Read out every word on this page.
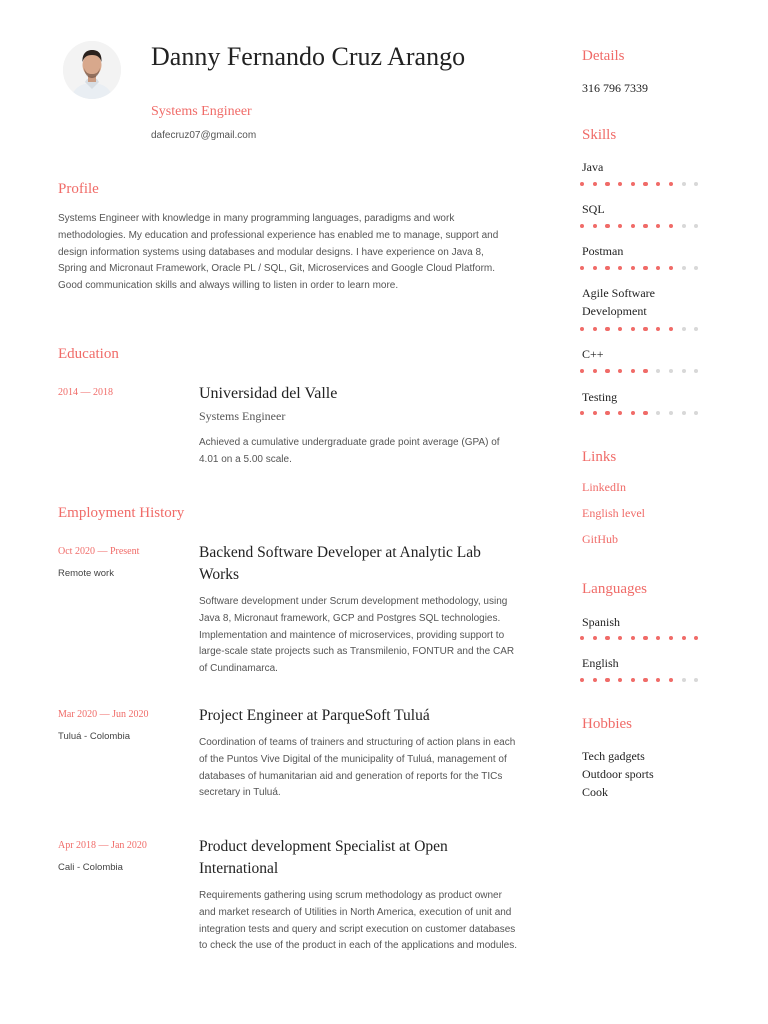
Danny Fernando Cruz Arango
Systems Engineer
dafecruz07@gmail.com
Profile
Systems Engineer with knowledge in many programming languages, paradigms and work methodologies. My education and professional experience has enabled me to manage, support and design information systems using databases and modular designs. I have experience on Java 8, Spring and Micronaut Framework, Oracle PL / SQL, Git, Microservices and Google Cloud Platform. Good communication skills and always willing to listen in order to learn more.
Education
2014 — 2018	Universidad del Valle
Systems Engineer
Achieved a cumulative undergraduate grade point average (GPA) of 4.01 on a 5.00 scale.
Employment History
Oct 2020 — Present
Remote work
Backend Software Developer at Analytic Lab Works
Software development under Scrum development methodology, using Java 8, Micronaut framework, GCP and Postgres SQL technologies. Implementation and maintence of microservices, providing support to large-scale state projects such as Transmilenio, FONTUR and the CAR of Cundinamarca.
Mar 2020 — Jun 2020
Tuluá - Colombia
Project Engineer at ParqueSoft Tuluá
Coordination of teams of trainers and structuring of action plans in each of the Puntos Vive Digital of the municipality of Tuluá, management of databases of humanitarian aid and generation of reports for the TICs secretary in Tuluá.
Apr 2018 — Jan 2020
Cali - Colombia
Product development Specialist at Open International
Requirements gathering using scrum methodology as product owner and market research of Utilities in North America, execution of unit and integration tests and query and script execution on customer databases to check the use of the product in each of the applications and modules.
Details
316 796 7339
Skills
Java
SQL
Postman
Agile Software Development
C++
Testing
Links
LinkedIn
English level
GitHub
Languages
Spanish
English
Hobbies
Tech gadgets
Outdoor sports
Cook
